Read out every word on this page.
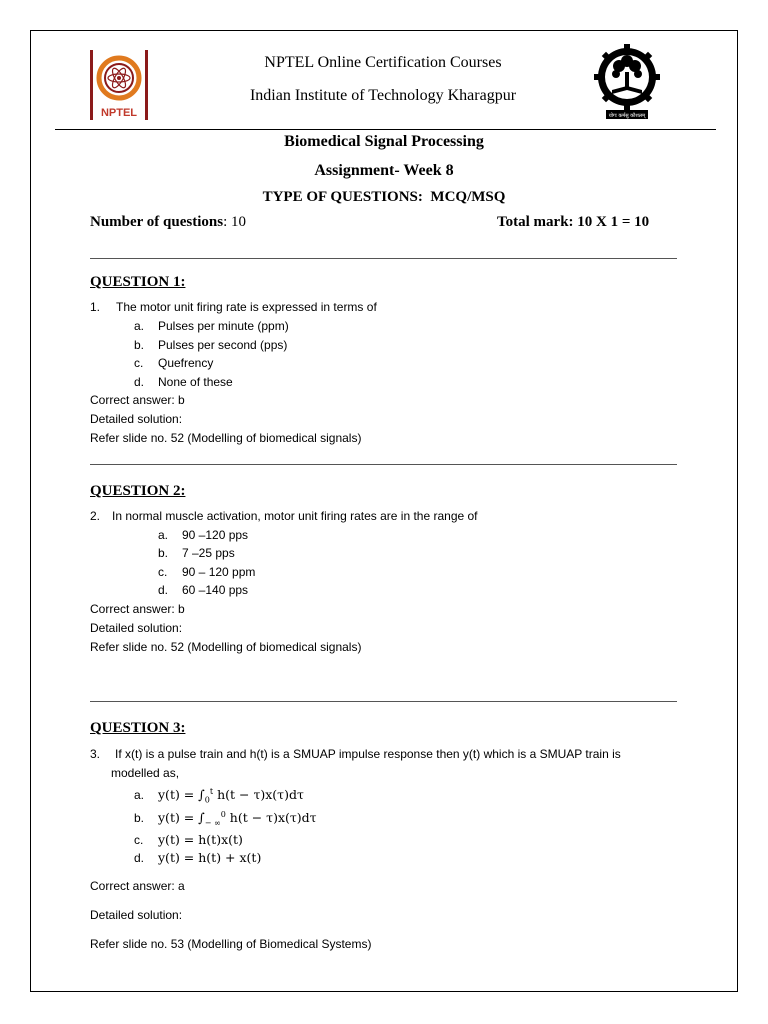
NPTEL	योगः कर्मसु कौशलम्
NPTEL Online Certification Courses
Indian Institute of Technology Kharagpur
Biomedical Signal Processing
Assignment- Week 8
TYPE OF QUESTIONS: MCQ/MSQ
Number of questions: 10	Total mark: 10 X 1 = 10
QUESTION 1:
1. The motor unit firing rate is expressed in terms of
a. Pulses per minute (ppm)
b. Pulses per second (pps)
c. Quefrency
d. None of these
Correct answer: b
Detailed solution:
Refer slide no. 52 (Modelling of biomedical signals)
QUESTION 2:
2. In normal muscle activation, motor unit firing rates are in the range of
a. 90 –120 pps
b. 7 –25 pps
c. 90 – 120 ppm
d. 60 –140 pps
Correct answer: b
Detailed solution:
Refer slide no. 52 (Modelling of biomedical signals)
QUESTION 3:
3. If x(t) is a pulse train and h(t) is a SMUAP impulse response then y(t) which is a SMUAP train is
modelled as,
a. $y(t) = \int_0^t$ h(t − τ)x(τ)dτ
b. $y(t) = \int_{- \infty}^0$ h(t − τ)x(τ)dτ
c. y(t) = h(t)x(t)
d. y(t) = h(t) + x(t)
Correct answer: a
Detailed solution:
Refer slide no. 53 (Modelling of Biomedical Systems)
